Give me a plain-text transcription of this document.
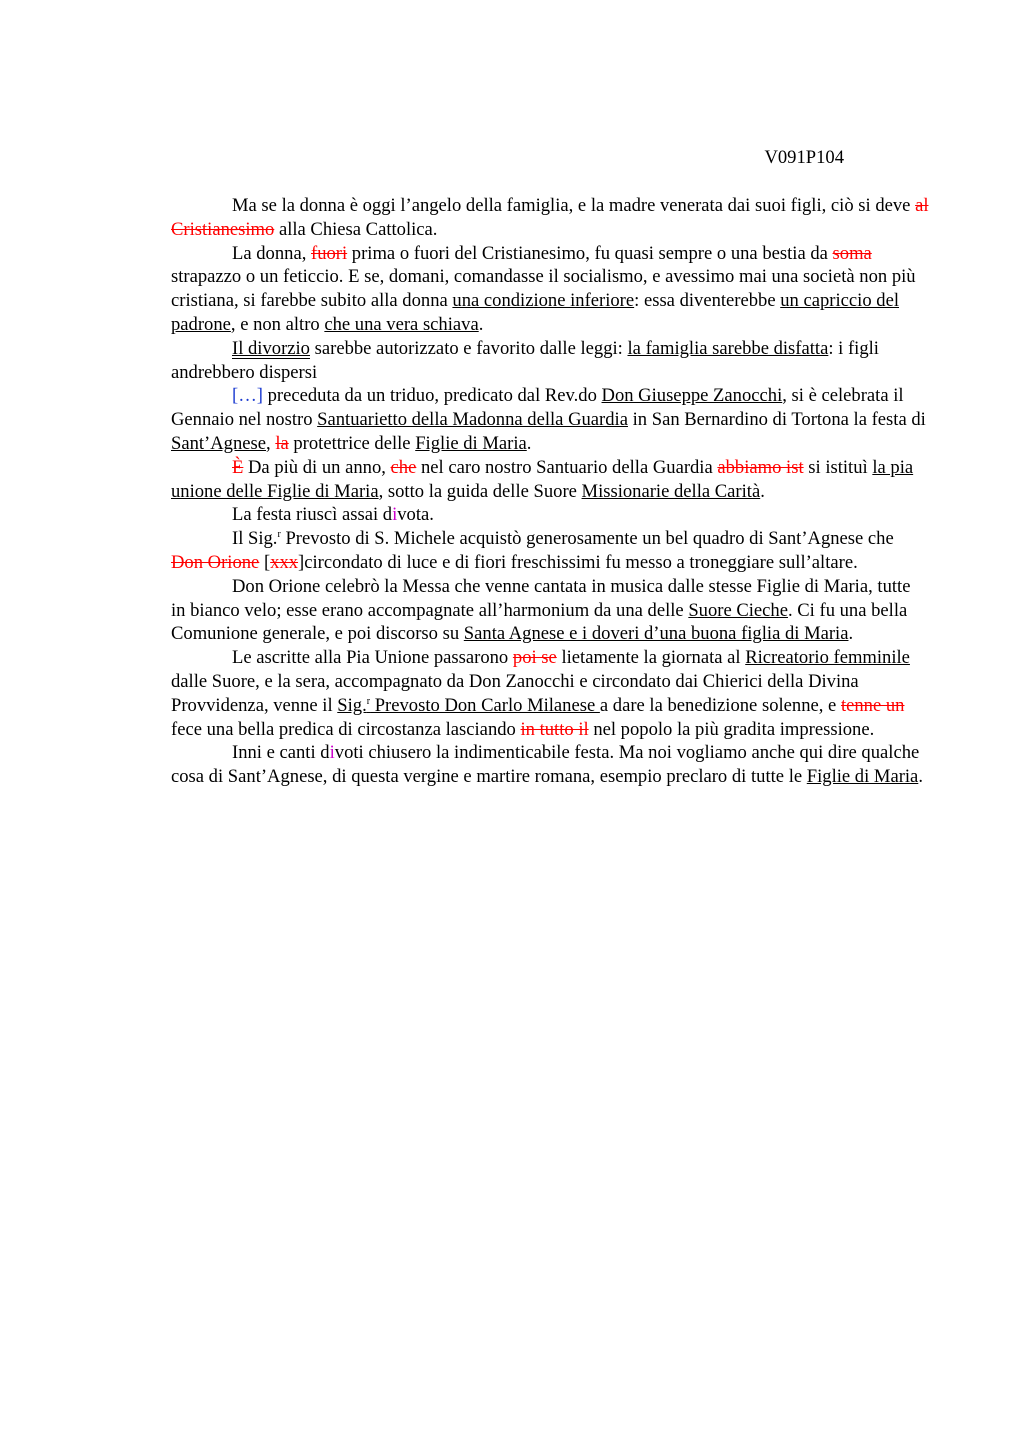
V091P104

Ma se la donna è oggi l’angelo della famiglia, e la madre venerata dai suoi figli, ciò si deve al Cristianesimo alla Chiesa Cattolica.

La donna, fuori prima o fuori del Cristianesimo, fu quasi sempre o una bestia da soma strapazzo o un feticcio. E se, domani, comandasse il socialismo, e avessimo mai una società non più cristiana, si farebbe subito alla donna una condizione inferiore: essa diventerebbe un capriccio del padrone, e non altro che una vera schiava.

Il divorzio sarebbe autorizzato e favorito dalle leggi: la famiglia sarebbe disfatta: i figli andrebbero dispersi

[…] preceduta da un triduo, predicato dal Rev.do Don Giuseppe Zanocchi, si è celebrata il Gennaio nel nostro Santuarietto della Madonna della Guardia in San Bernardino di Tortona la festa di Sant’Agnese, la protettrice delle Figlie di Maria.

È Da più di un anno, che nel caro nostro Santuario della Guardia abbiamo ist si istituì la pia unione delle Figlie di Maria, sotto la guida delle Suore Missionarie della Carità.

La festa riuscì assai divota.

Il Sig.$^r$ Prevosto di S. Michele acquistò generosamente un bel quadro di Sant’Agnese che Don Orione [xxx]circondato di luce e di fiori freschissimi fu messo a troneggiare sull’altare.

Don Orione celebrò la Messa che venne cantata in musica dalle stesse Figlie di Maria, tutte in bianco velo; esse erano accompagnate all’harmonium da una delle Suore Cieche. Ci fu una bella Comunione generale, e poi discorso su Santa Agnese e i doveri d’una buona figlia di Maria.

Le ascritte alla Pia Unione passarono poi se lietamente la giornata al Ricreatorio femminile dalle Suore, e la sera, accompagnato da Don Zanocchi e circondato dai Chierici della Divina Provvidenza, venne il Sig.$^r$ Prevosto Don Carlo Milanese a dare la benedizione solenne, e tenne un fece una bella predica di circostanza lasciando in tutto il nel popolo la più gradita impressione.

Inni e canti divoti chiusero la indimenticabile festa. Ma noi vogliamo anche qui dire qualche cosa di Sant’Agnese, di questa vergine e martire romana, esempio preclaro di tutte le Figlie di Maria.
